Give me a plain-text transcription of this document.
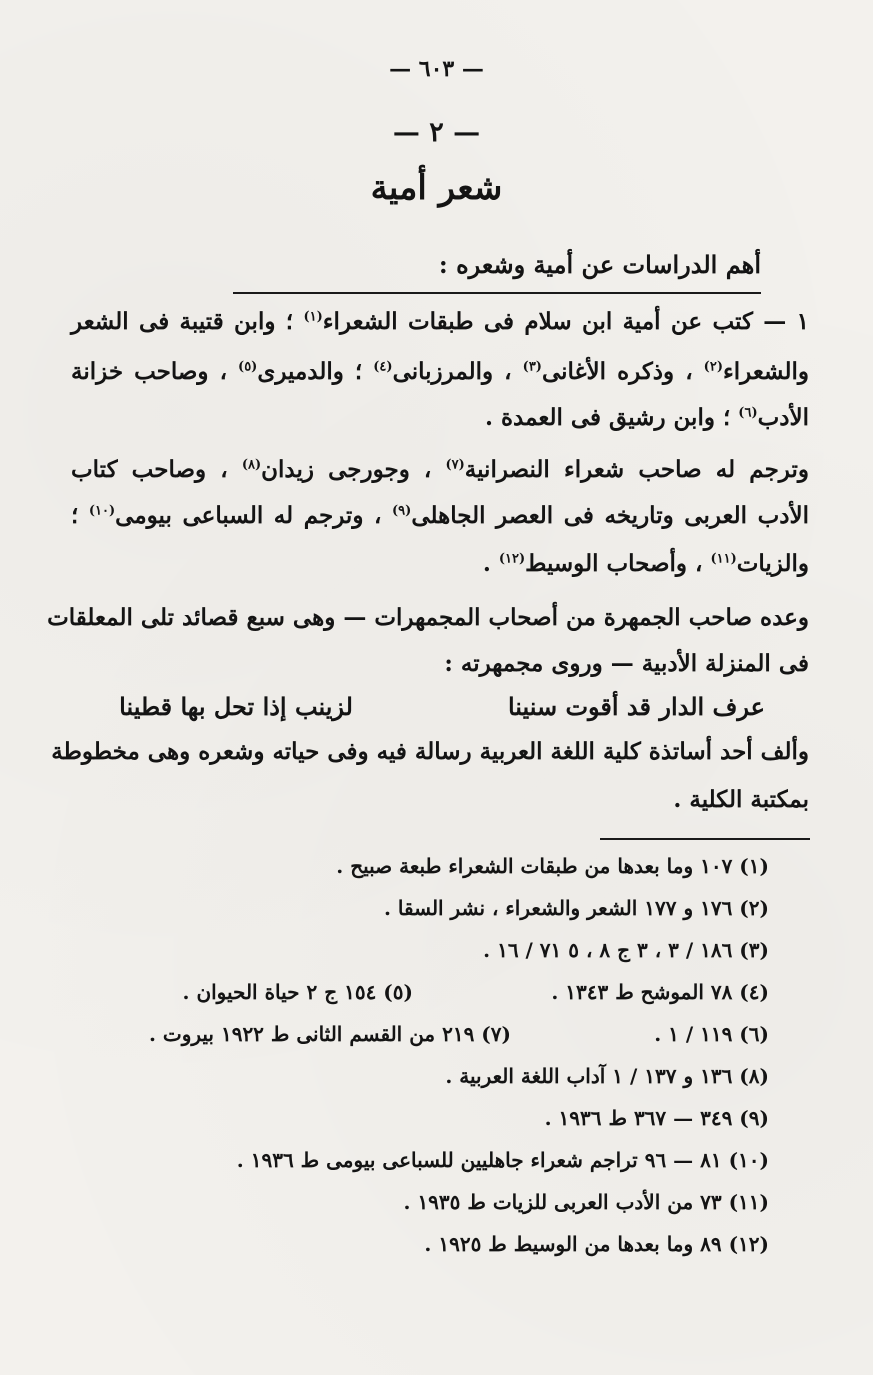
— ٦٠٣ —
— ٢ —
شعر أمية
أهم الدراسات عن أمية وشعره :
١ — كتب عن أمية ابن سلام فى طبقات الشعراء$^{(١)}$ ؛ وابن قتيبة فى الشعر
والشعراء$^{(٢)}$ ، وذكره الأغانى$^{(٣)}$ ، والمرزبانى$^{(٤)}$ ؛ والدميرى$^{(٥)}$ ، وصاحب خزانة
الأدب$^{(٦)}$ ؛ وابن رشيق فى العمدة .
وترجم له صاحب شعراء النصرانية$^{(٧)}$ ، وجورجى زيدان$^{(٨)}$ ، وصاحب كتاب
الأدب العربى وتاريخه فى العصر الجاهلى$^{(٩)}$ ، وترجم له السباعى بيومى$^{(١٠)}$ ؛
والزيات$^{(١١)}$ ، وأصحاب الوسيط$^{(١٢)}$ .
وعده صاحب الجمهرة من أصحاب المجمهرات — وهى سبع قصائد تلى المعلقات
فى المنزلة الأدبية — وروى مجمهرته :
عرف الدار قد أقوت سنينا
لزينب إذا تحل بها قطينا
وألف أحد أساتذة كلية اللغة العربية رسالة فيه وفى حياته وشعره وهى مخطوطة
بمكتبة الكلية .
(١) ١٠٧ وما بعدها من طبقات الشعراء طبعة صبيح .
(٢) ١٧٦ و ١٧٧ الشعر والشعراء ، نشر السقا .
(٣) ١٨٦ / ٣ ، ٣ ج ٨ ، ٥ ٧١ / ١٦ .
(٤) ٧٨ الموشح ط ١٣٤٣ .
(٥) ١٥٤ ج ٢ حياة الحيوان .
(٦) ١١٩ / ١ .
(٧) ٢١٩ من القسم الثانى ط ١٩٢٢ بيروت .
(٨) ١٣٦ و ١٣٧ / ١ آداب اللغة العربية .
(٩) ٣٤٩ — ٣٦٧ ط ١٩٣٦ .
(١٠) ٨١ — ٩٦ تراجم شعراء جاهليين للسباعى بيومى ط ١٩٣٦ .
(١١) ٧٣ من الأدب العربى للزيات ط ١٩٣٥ .
(١٢) ٨٩ وما بعدها من الوسيط ط ١٩٢٥ .
